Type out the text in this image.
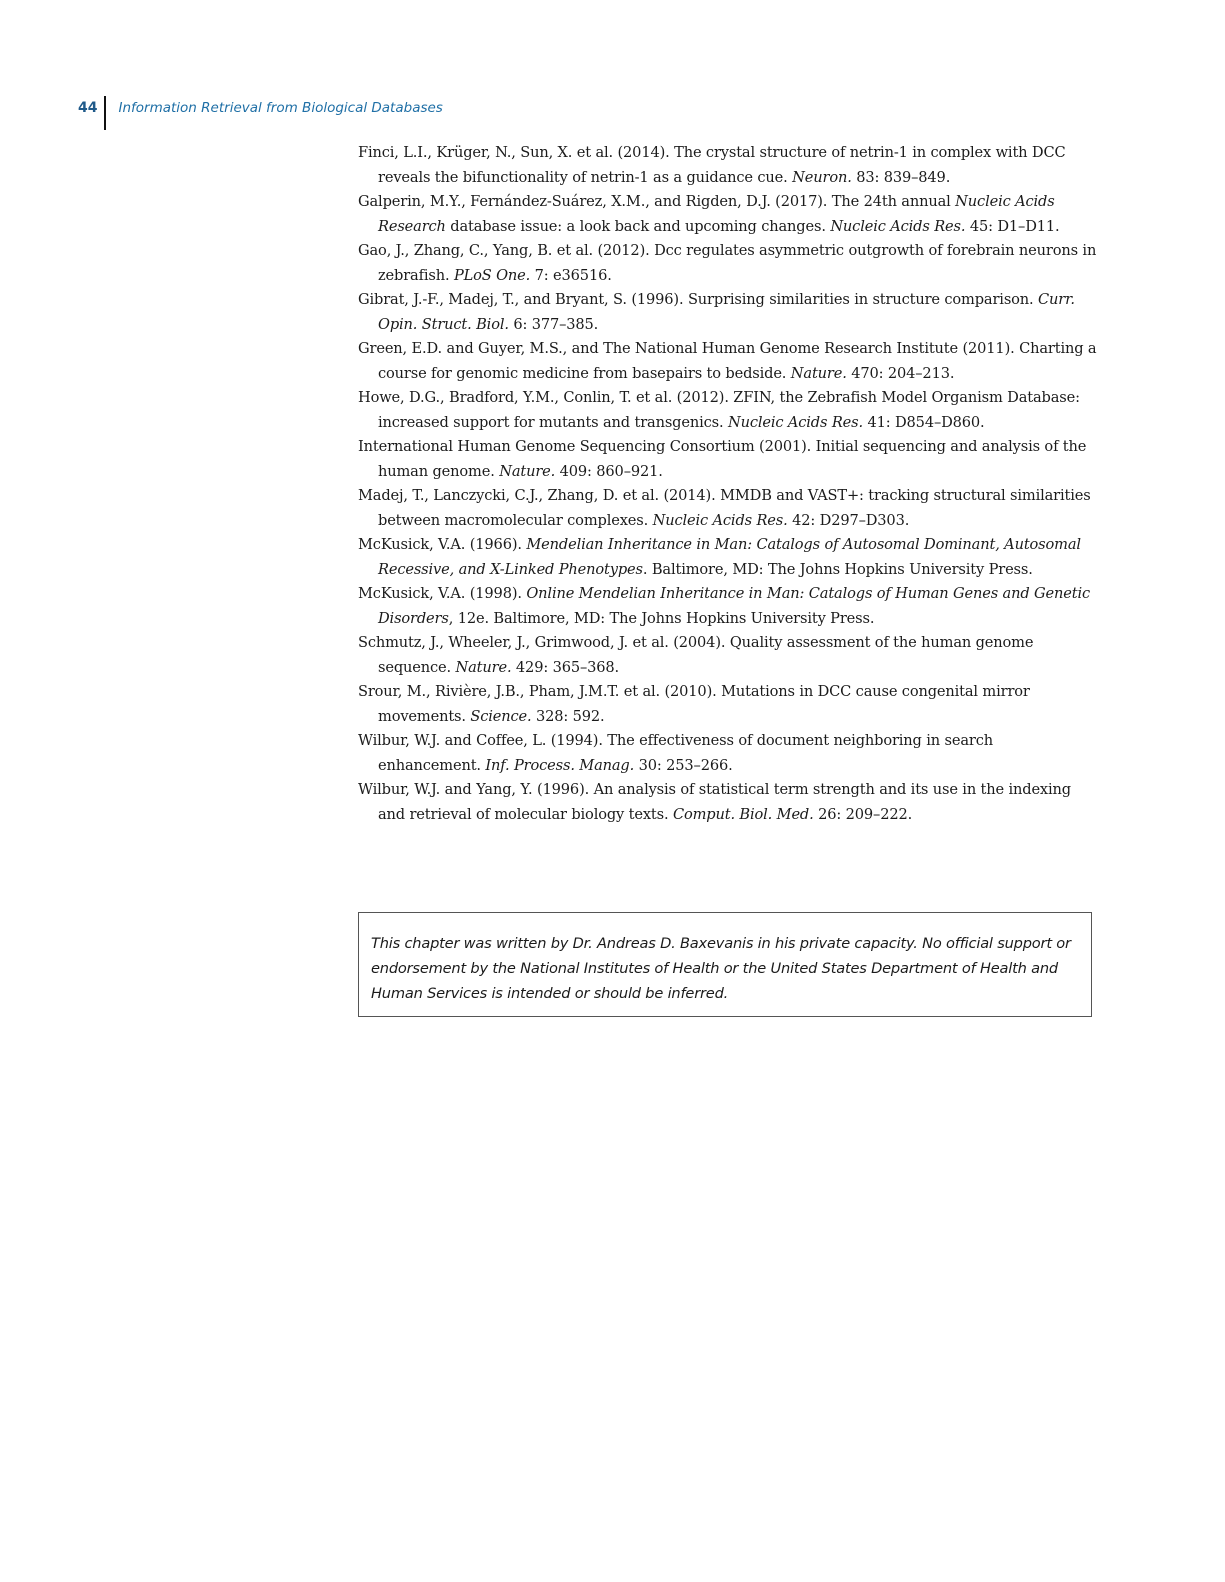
44	Information Retrieval from Biological Databases
Finci, L.I., Krüger, N., Sun, X. et al. (2014). The crystal structure of netrin-1 in complex with DCC reveals the bifunctionality of netrin-1 as a guidance cue. Neuron. 83: 839–849.
Galperin, M.Y., Fernández-Suárez, X.M., and Rigden, D.J. (2017). The 24th annual Nucleic Acids Research database issue: a look back and upcoming changes. Nucleic Acids Res. 45: D1–D11.
Gao, J., Zhang, C., Yang, B. et al. (2012). Dcc regulates asymmetric outgrowth of forebrain neurons in zebrafish. PLoS One. 7: e36516.
Gibrat, J.-F., Madej, T., and Bryant, S. (1996). Surprising similarities in structure comparison. Curr. Opin. Struct. Biol. 6: 377–385.
Green, E.D. and Guyer, M.S., and The National Human Genome Research Institute (2011). Charting a course for genomic medicine from basepairs to bedside. Nature. 470: 204–213.
Howe, D.G., Bradford, Y.M., Conlin, T. et al. (2012). ZFIN, the Zebrafish Model Organism Database: increased support for mutants and transgenics. Nucleic Acids Res. 41: D854–D860.
International Human Genome Sequencing Consortium (2001). Initial sequencing and analysis of the human genome. Nature. 409: 860–921.
Madej, T., Lanczycki, C.J., Zhang, D. et al. (2014). MMDB and VAST+: tracking structural similarities between macromolecular complexes. Nucleic Acids Res. 42: D297–D303.
McKusick, V.A. (1966). Mendelian Inheritance in Man: Catalogs of Autosomal Dominant, Autosomal Recessive, and X-Linked Phenotypes. Baltimore, MD: The Johns Hopkins University Press.
McKusick, V.A. (1998). Online Mendelian Inheritance in Man: Catalogs of Human Genes and Genetic Disorders, 12e. Baltimore, MD: The Johns Hopkins University Press.
Schmutz, J., Wheeler, J., Grimwood, J. et al. (2004). Quality assessment of the human genome sequence. Nature. 429: 365–368.
Srour, M., Rivière, J.B., Pham, J.M.T. et al. (2010). Mutations in DCC cause congenital mirror movements. Science. 328: 592.
Wilbur, W.J. and Coffee, L. (1994). The effectiveness of document neighboring in search enhancement. Inf. Process. Manag. 30: 253–266.
Wilbur, W.J. and Yang, Y. (1996). An analysis of statistical term strength and its use in the indexing and retrieval of molecular biology texts. Comput. Biol. Med. 26: 209–222.

This chapter was written by Dr. Andreas D. Baxevanis in his private capacity. No official support or endorsement by the National Institutes of Health or the United States Department of Health and Human Services is intended or should be inferred.
